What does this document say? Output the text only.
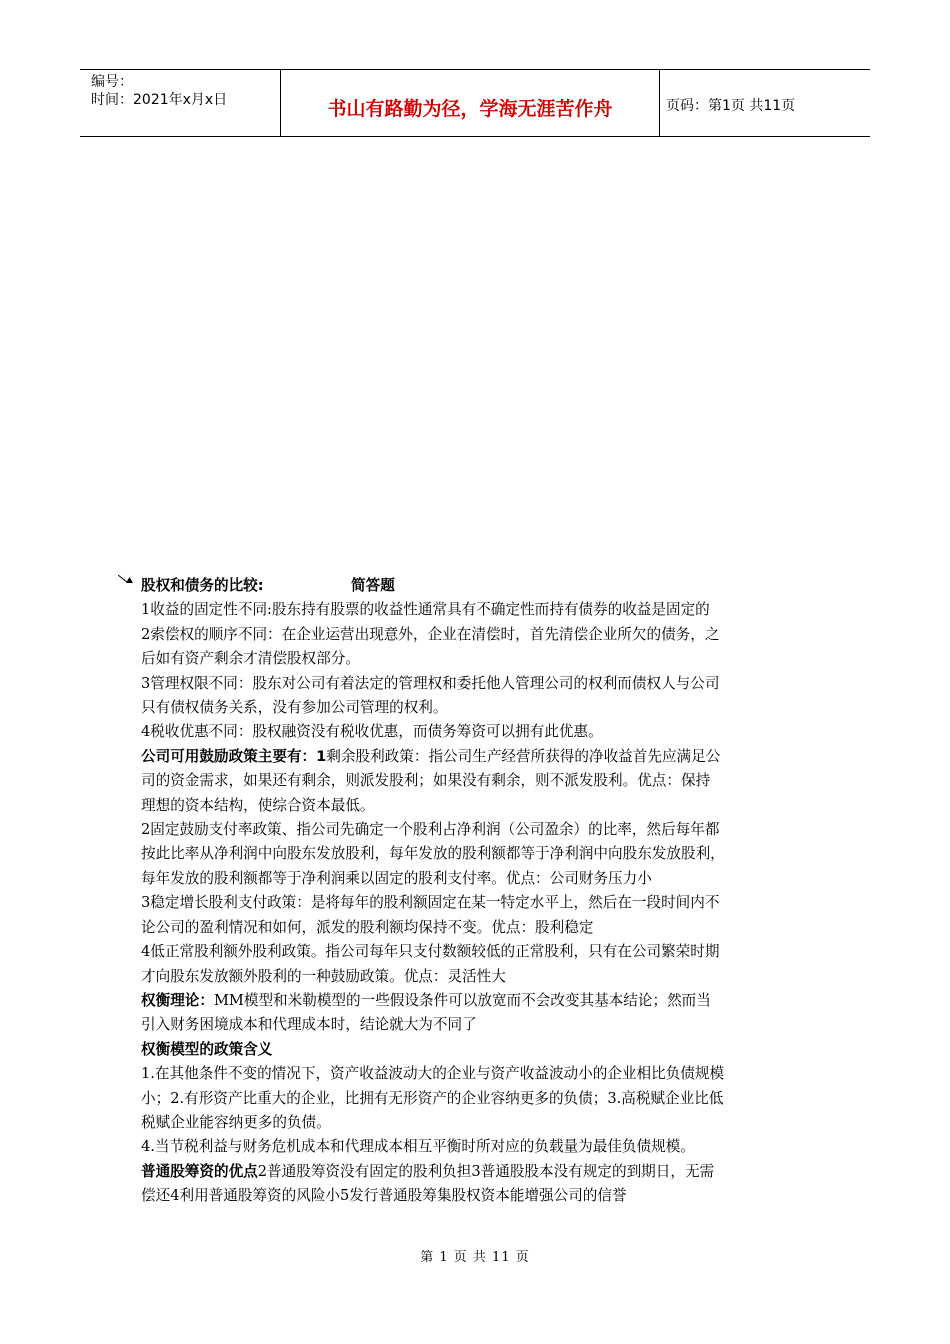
编号：
时间：2021年x月x日	书山有路勤为径，学海无涯苦作舟	页码：第1页 共11页

股权和债务的比较:	简答题

1收益的固定性不同:股东持有股票的收益性通常具有不确定性而持有债券的收益是固定的

2索偿权的顺序不同：在企业运营出现意外，企业在清偿时，首先清偿企业所欠的债务，之

后如有资产剩余才清偿股权部分。

3管理权限不同：股东对公司有着法定的管理权和委托他人管理公司的权利而债权人与公司

只有债权债务关系，没有参加公司管理的权利。

4税收优惠不同：股权融资没有税收优惠，而债务筹资可以拥有此优惠。

公司可用鼓励政策主要有：1剩余股利政策：指公司生产经营所获得的净收益首先应满足公

司的资金需求，如果还有剩余，则派发股利；如果没有剩余，则不派发股利。优点：保持

理想的资本结构，使综合资本最低。

2固定鼓励支付率政策、指公司先确定一个股利占净利润（公司盈余）的比率，然后每年都

按此比率从净利润中向股东发放股利，每年发放的股利额都等于净利润中向股东发放股利，

每年发放的股利额都等于净利润乘以固定的股利支付率。优点：公司财务压力小

3稳定增长股利支付政策：是将每年的股利额固定在某一特定水平上，然后在一段时间内不

论公司的盈利情况和如何，派发的股利额均保持不变。优点：股利稳定

4低正常股利额外股利政策。指公司每年只支付数额较低的正常股利，只有在公司繁荣时期

才向股东发放额外股利的一种鼓励政策。优点：灵活性大

权衡理论：MM模型和米勒模型的一些假设条件可以放宽而不会改变其基本结论；然而当

引入财务困境成本和代理成本时，结论就大为不同了

权衡模型的政策含义

1.在其他条件不变的情况下，资产收益波动大的企业与资产收益波动小的企业相比负债规模

小；2.有形资产比重大的企业，比拥有无形资产的企业容纳更多的负债；3.高税赋企业比低

税赋企业能容纳更多的负债。

4.当节税利益与财务危机成本和代理成本相互平衡时所对应的负载量为最佳负债规模。

普通股筹资的优点2普通股筹资没有固定的股利负担3普通股股本没有规定的到期日，无需

偿还4利用普通股筹资的风险小5发行普通股筹集股权资本能增强公司的信誉

第 1 页 共 11 页
